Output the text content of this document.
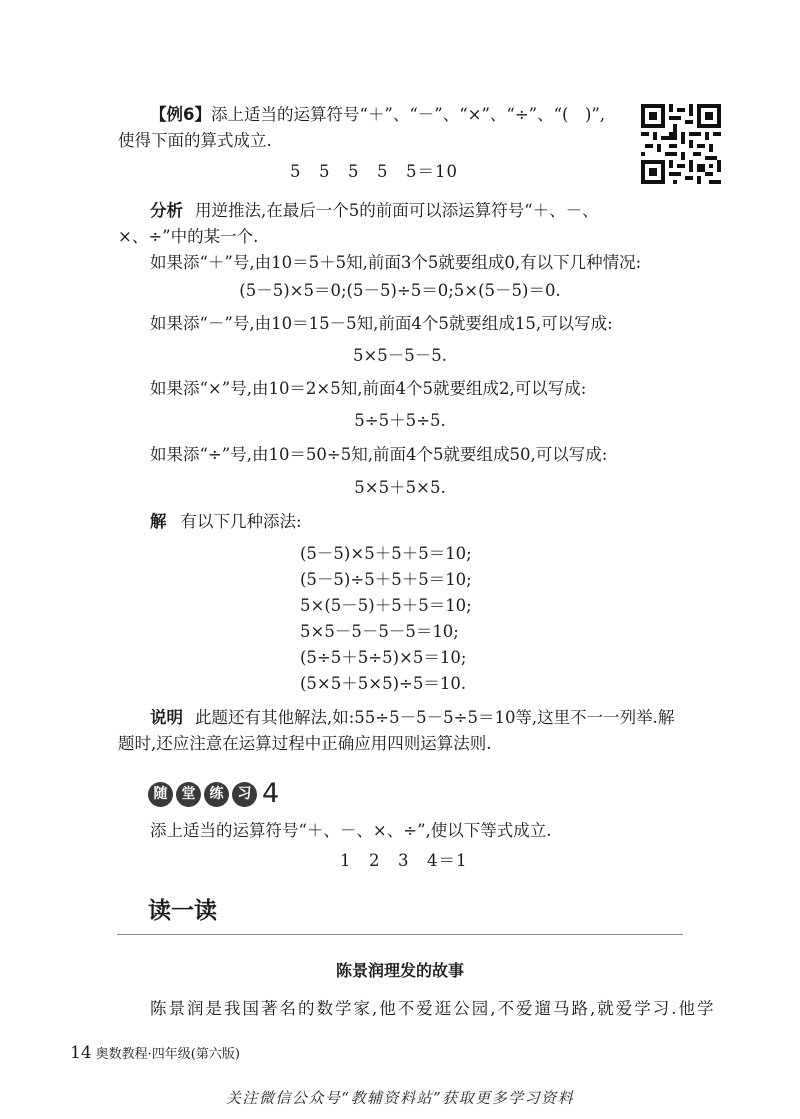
【例6】添上适当的运算符号“＋”、“－”、“×”、“÷”、“(　)”,
使得下面的算式成立.
5　5　5　5　5＝10
分析 用逆推法,在最后一个5的前面可以添运算符号“＋、－、
×、÷”中的某一个.
如果添“＋”号,由10＝5＋5知,前面3个5就要组成0,有以下几种情况:
(5－5)×5＝0;(5－5)÷5＝0;5×(5－5)＝0.
如果添“－”号,由10＝15－5知,前面4个5就要组成15,可以写成:
5×5－5－5.
如果添“×”号,由10＝2×5知,前面4个5就要组成2,可以写成:
5÷5＋5÷5.
如果添“÷”号,由10＝50÷5知,前面4个5就要组成50,可以写成:
5×5＋5×5.
解 有以下几种添法:
(5－5)×5＋5＋5＝10;
(5－5)÷5＋5＋5＝10;
5×(5－5)＋5＋5＝10;
5×5－5－5－5＝10;
(5÷5＋5÷5)×5＝10;
(5×5＋5×5)÷5＝10.
说明 此题还有其他解法,如:55÷5－5－5÷5＝10等,这里不一一列举.解
题时,还应注意在运算过程中正确应用四则运算法则.
随	堂	练	习 4
添上适当的运算符号“＋、－、×、÷”,使以下等式成立.
1　2　3　4＝1
读一读
陈景润理发的故事
陈景润是我国著名的数学家,他不爱逛公园,不爱遛马路,就爱学习.他学
14 奥数教程·四年级(第六版)
关注微信公众号“教辅资料站”获取更多学习资料
